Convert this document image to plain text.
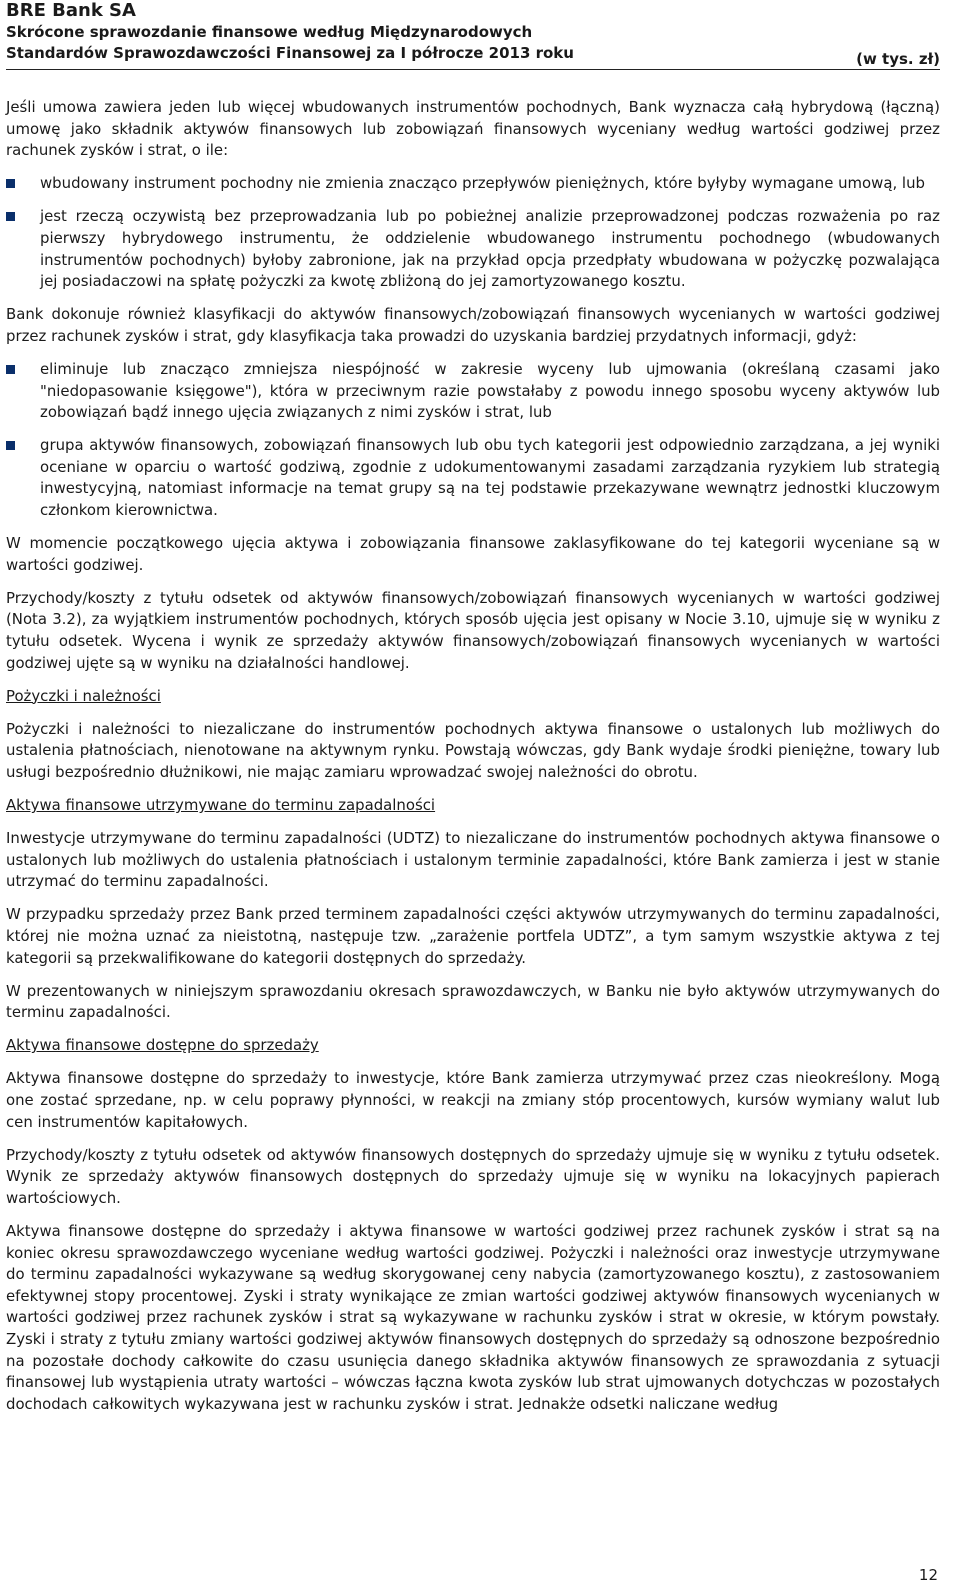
BRE Bank SA

Skrócone sprawozdanie finansowe według Międzynarodowych

Standardów Sprawozdawczości Finansowej za I półrocze 2013 roku	(w tys. zł)

Jeśli umowa zawiera jeden lub więcej wbudowanych instrumentów pochodnych, Bank wyznacza całą hybrydową (łączną) umowę jako składnik aktywów finansowych lub zobowiązań finansowych wyceniany według wartości godziwej przez rachunek zysków i strat, o ile:

wbudowany instrument pochodny nie zmienia znacząco przepływów pieniężnych, które byłyby wymagane umową, lub
jest rzeczą oczywistą bez przeprowadzania lub po pobieżnej analizie przeprowadzonej podczas rozważenia po raz pierwszy hybrydowego instrumentu, że oddzielenie wbudowanego instrumentu pochodnego (wbudowanych instrumentów pochodnych) byłoby zabronione, jak na przykład opcja przedpłaty wbudowana w pożyczkę pozwalająca jej posiadaczowi na spłatę pożyczki za kwotę zbliżoną do jej zamortyzowanego kosztu.

Bank dokonuje również klasyfikacji do aktywów finansowych/zobowiązań finansowych wycenianych w wartości godziwej przez rachunek zysków i strat, gdy klasyfikacja taka prowadzi do uzyskania bardziej przydatnych informacji, gdyż:

eliminuje lub znacząco zmniejsza niespójność w zakresie wyceny lub ujmowania (określaną czasami jako "niedopasowanie księgowe"), która w przeciwnym razie powstałaby z powodu innego sposobu wyceny aktywów lub zobowiązań bądź innego ujęcia związanych z nimi zysków i strat, lub
grupa aktywów finansowych, zobowiązań finansowych lub obu tych kategorii jest odpowiednio zarządzana, a jej wyniki oceniane w oparciu o wartość godziwą, zgodnie z udokumentowanymi zasadami zarządzania ryzykiem lub strategią inwestycyjną, natomiast informacje na temat grupy są na tej podstawie przekazywane wewnątrz jednostki kluczowym członkom kierownictwa.

W momencie początkowego ujęcia aktywa i zobowiązania finansowe zaklasyfikowane do tej kategorii wyceniane są w wartości godziwej.

Przychody/koszty z tytułu odsetek od aktywów finansowych/zobowiązań finansowych wycenianych w wartości godziwej (Nota 3.2), za wyjątkiem instrumentów pochodnych, których sposób ujęcia jest opisany w Nocie 3.10, ujmuje się w wyniku z tytułu odsetek. Wycena i wynik ze sprzedaży aktywów finansowych/zobowiązań finansowych wycenianych w wartości godziwej ujęte są w wyniku na działalności handlowej.

Pożyczki i należności

Pożyczki i należności to niezaliczane do instrumentów pochodnych aktywa finansowe o ustalonych lub możliwych do ustalenia płatnościach, nienotowane na aktywnym rynku. Powstają wówczas, gdy Bank wydaje środki pieniężne, towary lub usługi bezpośrednio dłużnikowi, nie mając zamiaru wprowadzać swojej należności do obrotu.

Aktywa finansowe utrzymywane do terminu zapadalności

Inwestycje utrzymywane do terminu zapadalności (UDTZ) to niezaliczane do instrumentów pochodnych aktywa finansowe o ustalonych lub możliwych do ustalenia płatnościach i ustalonym terminie zapadalności, które Bank zamierza i jest w stanie utrzymać do terminu zapadalności.

W przypadku sprzedaży przez Bank przed terminem zapadalności części aktywów utrzymywanych do terminu zapadalności, której nie można uznać za nieistotną, następuje tzw. „zarażenie portfela UDTZ”, a tym samym wszystkie aktywa z tej kategorii są przekwalifikowane do kategorii dostępnych do sprzedaży.

W prezentowanych w niniejszym sprawozdaniu okresach sprawozdawczych, w Banku nie było aktywów utrzymywanych do terminu zapadalności.

Aktywa finansowe dostępne do sprzedaży

Aktywa finansowe dostępne do sprzedaży to inwestycje, które Bank zamierza utrzymywać przez czas nieokreślony. Mogą one zostać sprzedane, np. w celu poprawy płynności, w reakcji na zmiany stóp procentowych, kursów wymiany walut lub cen instrumentów kapitałowych.

Przychody/koszty z tytułu odsetek od aktywów finansowych dostępnych do sprzedaży ujmuje się w wyniku z tytułu odsetek. Wynik ze sprzedaży aktywów finansowych dostępnych do sprzedaży ujmuje się w wyniku na lokacyjnych papierach wartościowych.

Aktywa finansowe dostępne do sprzedaży i aktywa finansowe w wartości godziwej przez rachunek zysków i strat są na koniec okresu sprawozdawczego wyceniane według wartości godziwej. Pożyczki i należności oraz inwestycje utrzymywane do terminu zapadalności wykazywane są według skorygowanej ceny nabycia (zamortyzowanego kosztu), z zastosowaniem efektywnej stopy procentowej. Zyski i straty wynikające ze zmian wartości godziwej aktywów finansowych wycenianych w wartości godziwej przez rachunek zysków i strat są wykazywane w rachunku zysków i strat w okresie, w którym powstały. Zyski i straty z tytułu zmiany wartości godziwej aktywów finansowych dostępnych do sprzedaży są odnoszone bezpośrednio na pozostałe dochody całkowite do czasu usunięcia danego składnika aktywów finansowych ze sprawozdania z sytuacji finansowej lub wystąpienia utraty wartości – wówczas łączna kwota zysków lub strat ujmowanych dotychczas w pozostałych dochodach całkowitych wykazywana jest w rachunku zysków i strat. Jednakże odsetki naliczane według

12
